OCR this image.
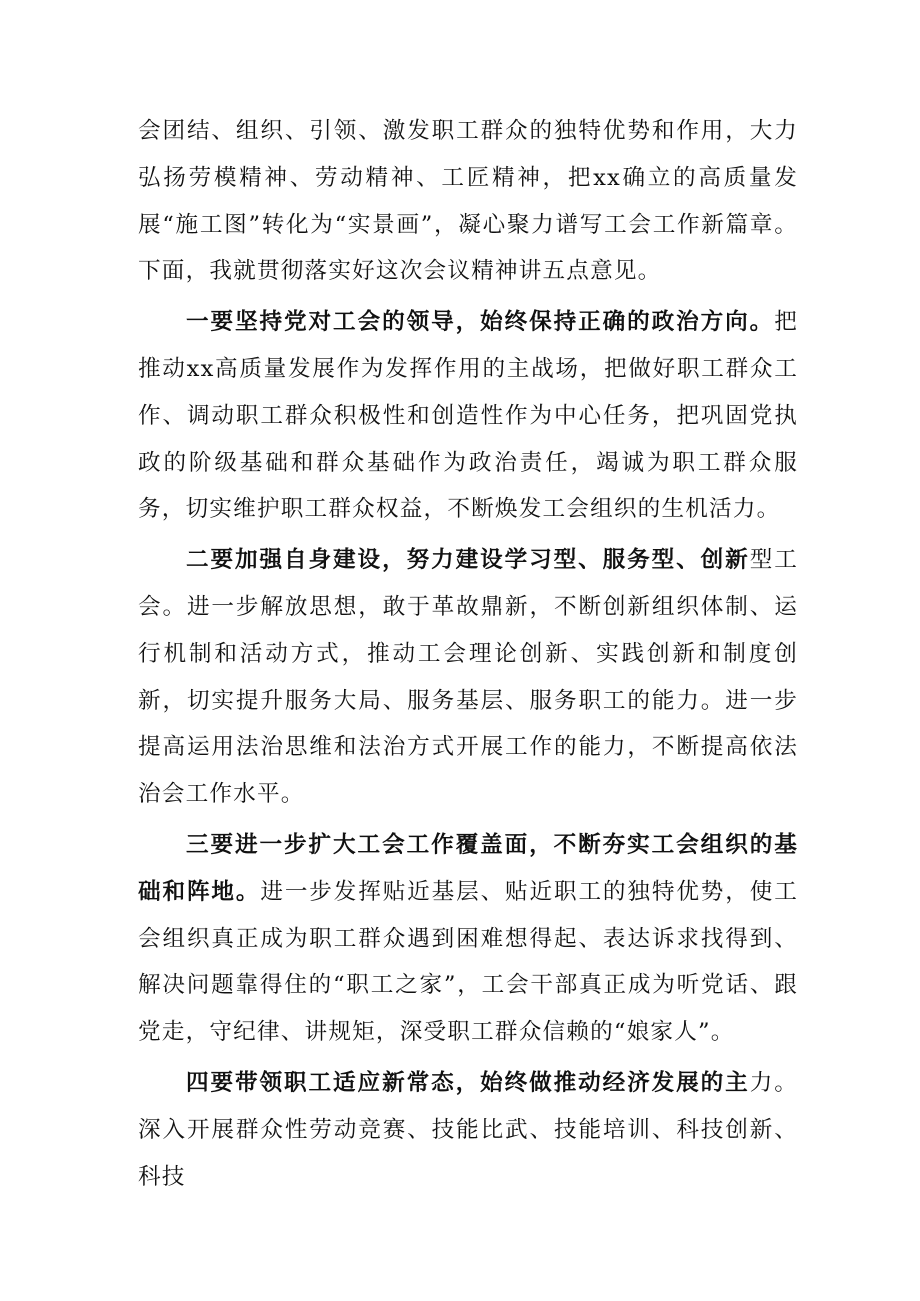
会团结、组织、引领、激发职工群众的独特优势和作用，大力弘扬劳模精神、劳动精神、工匠精神，把xx确立的高质量发展“施工图”转化为“实景画”，凝心聚力谱写工会工作新篇章。下面，我就贯彻落实好这次会议精神讲五点意见。

一要坚持党对工会的领导，始终保持正确的政治方向。把推动xx高质量发展作为发挥作用的主战场，把做好职工群众工作、调动职工群众积极性和创造性作为中心任务，把巩固党执政的阶级基础和群众基础作为政治责任，竭诚为职工群众服务，切实维护职工群众权益，不断焕发工会组织的生机活力。

二要加强自身建设，努力建设学习型、服务型、创新型工会。进一步解放思想，敢于革故鼎新，不断创新组织体制、运行机制和活动方式，推动工会理论创新、实践创新和制度创新，切实提升服务大局、服务基层、服务职工的能力。进一步提高运用法治思维和法治方式开展工作的能力，不断提高依法治会工作水平。

三要进一步扩大工会工作覆盖面，不断夯实工会组织的基础和阵地。进一步发挥贴近基层、贴近职工的独特优势，使工会组织真正成为职工群众遇到困难想得起、表达诉求找得到、解决问题靠得住的“职工之家”，工会干部真正成为听党话、跟党走，守纪律、讲规矩，深受职工群众信赖的“娘家人”。

四要带领职工适应新常态，始终做推动经济发展的主力。深入开展群众性劳动竞赛、技能比武、技能培训、科技创新、科技
